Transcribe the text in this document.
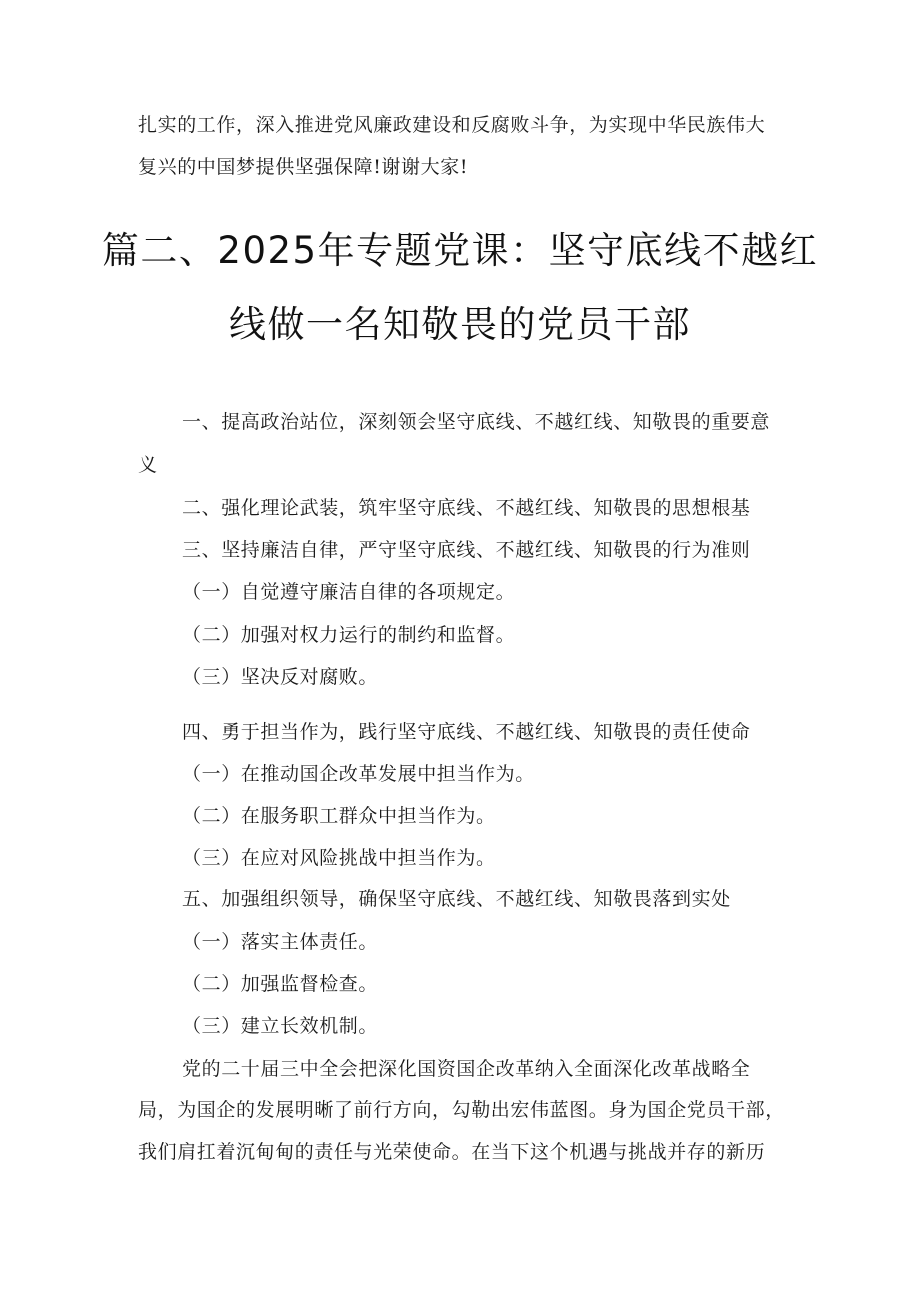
扎实的工作，深入推进党风廉政建设和反腐败斗争，为实现中华民族伟大
复兴的中国梦提供坚强保障!谢谢大家!
篇二、2025年专题党课：坚守底线不越红
线做一名知敬畏的党员干部
一、提高政治站位，深刻领会坚守底线、不越红线、知敬畏的重要意
义
二、强化理论武装，筑牢坚守底线、不越红线、知敬畏的思想根基
三、坚持廉洁自律，严守坚守底线、不越红线、知敬畏的行为准则
（一）自觉遵守廉洁自律的各项规定。
（二）加强对权力运行的制约和监督。
（三）坚决反对腐败。
四、勇于担当作为，践行坚守底线、不越红线、知敬畏的责任使命
（一）在推动国企改革发展中担当作为。
（二）在服务职工群众中担当作为。
（三）在应对风险挑战中担当作为。
五、加强组织领导，确保坚守底线、不越红线、知敬畏落到实处
（一）落实主体责任。
（二）加强监督检查。
（三）建立长效机制。
党的二十届三中全会把深化国资国企改革纳入全面深化改革战略全
局，为国企的发展明晰了前行方向，勾勒出宏伟蓝图。身为国企党员干部，
我们肩扛着沉甸甸的责任与光荣使命。在当下这个机遇与挑战并存的新历
